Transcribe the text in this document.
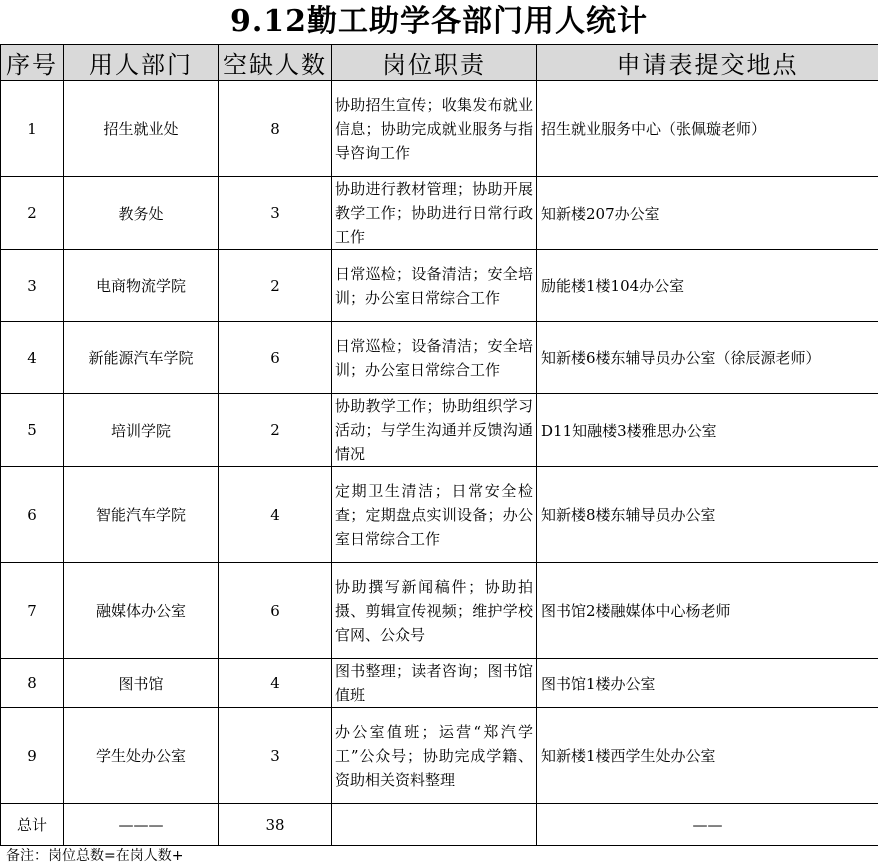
9.12勤工助学各部门用人统计
序号	用人部门	空缺人数	岗位职责	申请表提交地点
1	招生就业处	8	协助招生宣传；收集发布就业信息；协助完成就业服务与指导咨询工作	招生就业服务中心（张佩璇老师）
2	教务处	3	协助进行教材管理；协助开展教学工作；协助进行日常行政工作	知新楼207办公室
3	电商物流学院	2	日常巡检；设备清洁；安全培训；办公室日常综合工作	励能楼1楼104办公室
4	新能源汽车学院	6	日常巡检；设备清洁；安全培训；办公室日常综合工作	知新楼6楼东辅导员办公室（徐辰源老师）
5	培训学院	2	协助教学工作；协助组织学习活动；与学生沟通并反馈沟通情况	D11知融楼3楼雅思办公室
6	智能汽车学院	4	定期卫生清洁；日常安全检查；定期盘点实训设备；办公室日常综合工作	知新楼8楼东辅导员办公室
7	融媒体办公室	6	协助撰写新闻稿件；协助拍摄、剪辑宣传视频；维护学校官网、公众号	图书馆2楼融媒体中心杨老师
8	图书馆	4	图书整理；读者咨询；图书馆值班	图书馆1楼办公室
9	学生处办公室	3	办公室值班；运营“郑汽学工”公众号；协助完成学籍、资助相关资料整理	知新楼1楼西学生处办公室
总计	———	38		——
备注：岗位总数=在岗人数+
